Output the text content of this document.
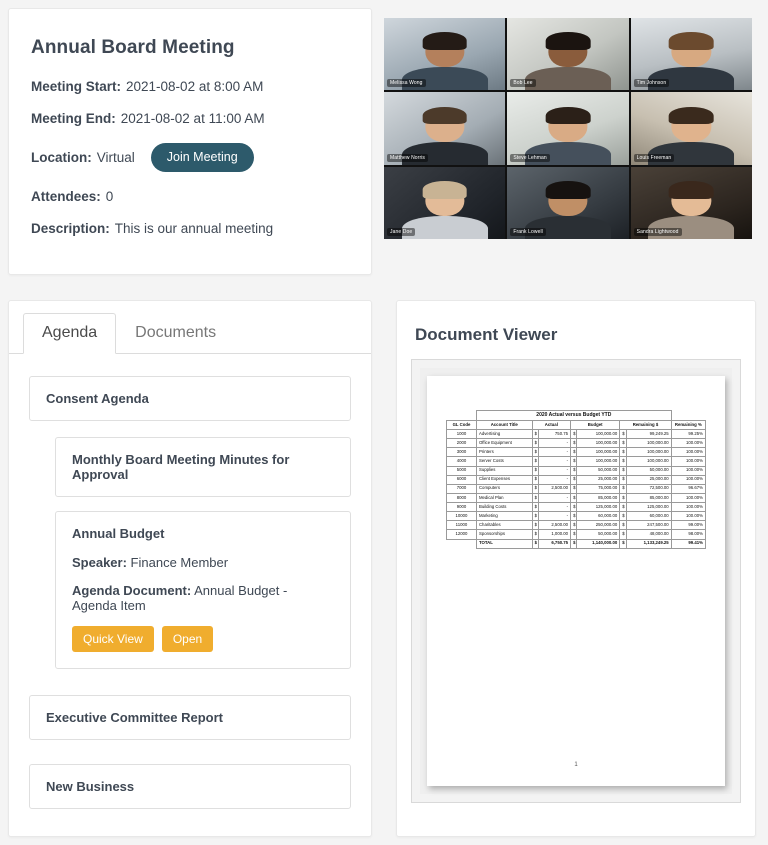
Annual Board Meeting
Meeting Start: 2021-08-02 at 8:00 AM
Meeting End: 2021-08-02 at 11:00 AM
Location: Virtual	Join Meeting
Attendees: 0
Description: This is our annual meeting
Melissa Wong	Bob Lee	Tim Johnson
Matthew Norris	Steve Lehman	Louis Freeman
Jane Doe	Frank Lowell	Sandra Lightwood
Agenda	Documents
Consent Agenda
Monthly Board Meeting Minutes for Approval
Annual Budget
Speaker: Finance Member
Agenda Document: Annual Budget - Agenda Item
Quick View	Open
Executive Committee Report
New Business
Document Viewer
	2020 Actual versus Budget YTD							
GL Code	Account Title	Actual		Budget		Remaining $		Remaining %
1000	Advertising	$	750.75	$	100,000.00	$	99,249.25	99.25%
2000	Office Equipment	$	-	$	100,000.00	$	100,000.00	100.00%
3000	Printers	$	-	$	100,000.00	$	100,000.00	100.00%
4000	Server Costs	$	-	$	100,000.00	$	100,000.00	100.00%
5000	Supplies	$	-	$	50,000.00	$	50,000.00	100.00%
6000	Client Expenses	$	-	$	25,000.00	$	25,000.00	100.00%
7000	Computers	$	2,500.00	$	75,000.00	$	72,500.00	96.67%
8000	Medical Plan	$	-	$	85,000.00	$	85,000.00	100.00%
9000	Building Costs	$	-	$	125,000.00	$	125,000.00	100.00%
10000	Marketing	$	-	$	60,000.00	$	60,000.00	100.00%
11000	Charitables	$	2,500.00	$	250,000.00	$	247,500.00	99.00%
12000	Sponsorships	$	1,000.00	$	50,000.00	$	48,000.00	98.00%
	TOTAL	$	6,750.75	$	1,140,000.00	$	1,133,249.25	99.41%
1
